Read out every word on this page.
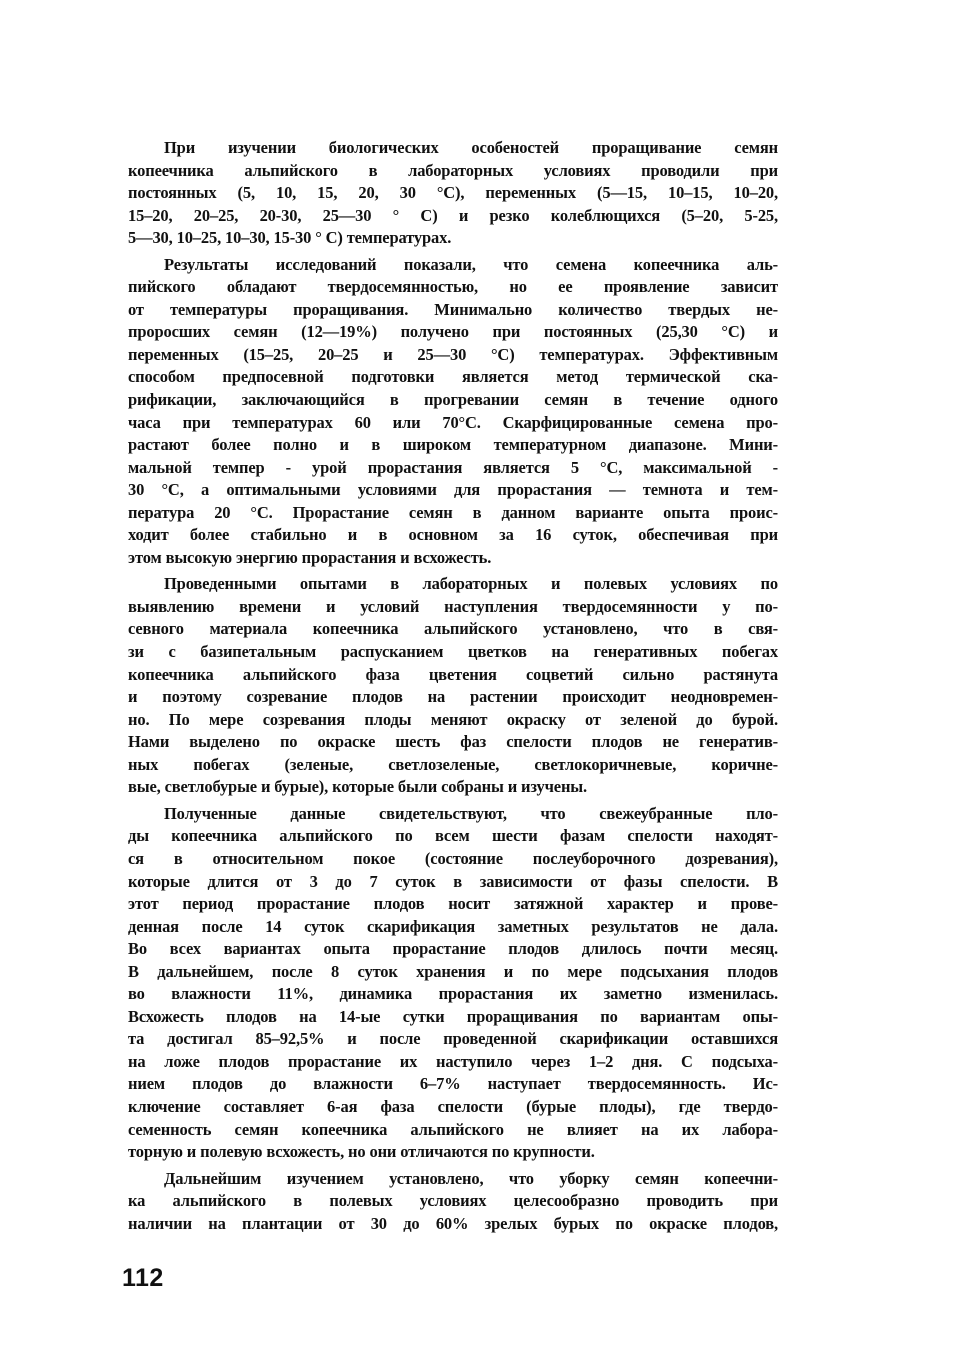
При изучении биологических особеностей проращивание семян
копеечника альпийского в лабораторных условиях проводили при
постоянных (5, 10, 15, 20, 30 °С), переменных (5—15, 10–15, 10–20,
15–20, 20–25, 20-30, 25—30 ° С) и резко колеблющихся (5–20, 5-25,
5—30, 10–25, 10–30, 15-30 ° С) температурах.
Результаты исследований показали, что семена копеечника аль-
пийского обладают твердосемянностью, но ее проявление зависит
от температуры проращивания. Минимально количество твердых не-
проросших семян (12—19%) получено при постоянных (25,30 °С) и
переменных (15–25, 20–25 и 25—30 °С) температурах. Эффективным
способом предпосевной подготовки является метод термической ска-
рификации, заключающийся в прогревании семян в течение одного
часа при температурах 60 или 70°С. Скарфицированные семена про-
растают более полно и в широком температурном диапазоне. Мини-
мальной темпер - урой прорастания является 5 °С, максимальной -
30 °С, а оптимальными условиями для прорастания — темнота и тем-
пература 20 °С. Прорастание семян в данном варианте опыта проис-
ходит более стабильно и в основном за 16 суток, обеспечивая при
этом высокую энергию прорастания и всхожесть.
Проведенными опытами в лабораторных и полевых условиях по
выявлению времени и условий наступления твердосемянности у по-
севного материала копеечника альпийского установлено, что в свя-
зи с базипетальным распусканием цветков на генеративных побегах
копеечника альпийского фаза цветения соцветий сильно растянута
и поэтому созревание плодов на растении происходит неодновремен-
но. По мере созревания плоды меняют окраску от зеленой до бурой.
Нами выделено по окраске шесть фаз спелости плодов не генератив-
ных побегах (зеленые, светлозеленые, светлокоричневые, коричне-
вые, светлобурые и бурые), которые были собраны и изучены.
Полученные данные свидетельствуют, что свежеубранные пло-
ды копеечника альпийского по всем шести фазам спелости находят-
ся в относительном покое (состояние послеуборочного дозревания),
которые длится от 3 до 7 суток в зависимости от фазы спелости. В
этот период прорастание плодов носит затяжной характер и прове-
денная после 14 суток скарификация заметных результатов не дала.
Во всех вариантах опыта прорастание плодов длилось почти месяц.
В дальнейшем, после 8 суток хранения и по мере подсыхания плодов
во влажности 11%, динамика прорастания их заметно изменилась.
Всхожесть плодов на 14-ые сутки проращивания по вариантам опы-
та достигал 85–92,5% и после проведенной скарификации оставшихся
на ложе плодов прорастание их наступило через 1–2 дня. С подсыха-
нием плодов до влажности 6–7% наступает твердосемянность. Ис-
ключение составляет 6-ая фаза спелости (бурые плоды), где твердо-
семенность семян копеечника альпийского не влияет на их лабора-
торную и полевую всхожесть, но они отличаются по крупности.
Дальнейшим изучением установлено, что уборку семян копеечни-
ка альпийского в полевых условиях целесообразно проводить при
наличии на плантации от 30 до 60% зрелых бурых по окраске плодов,
112
